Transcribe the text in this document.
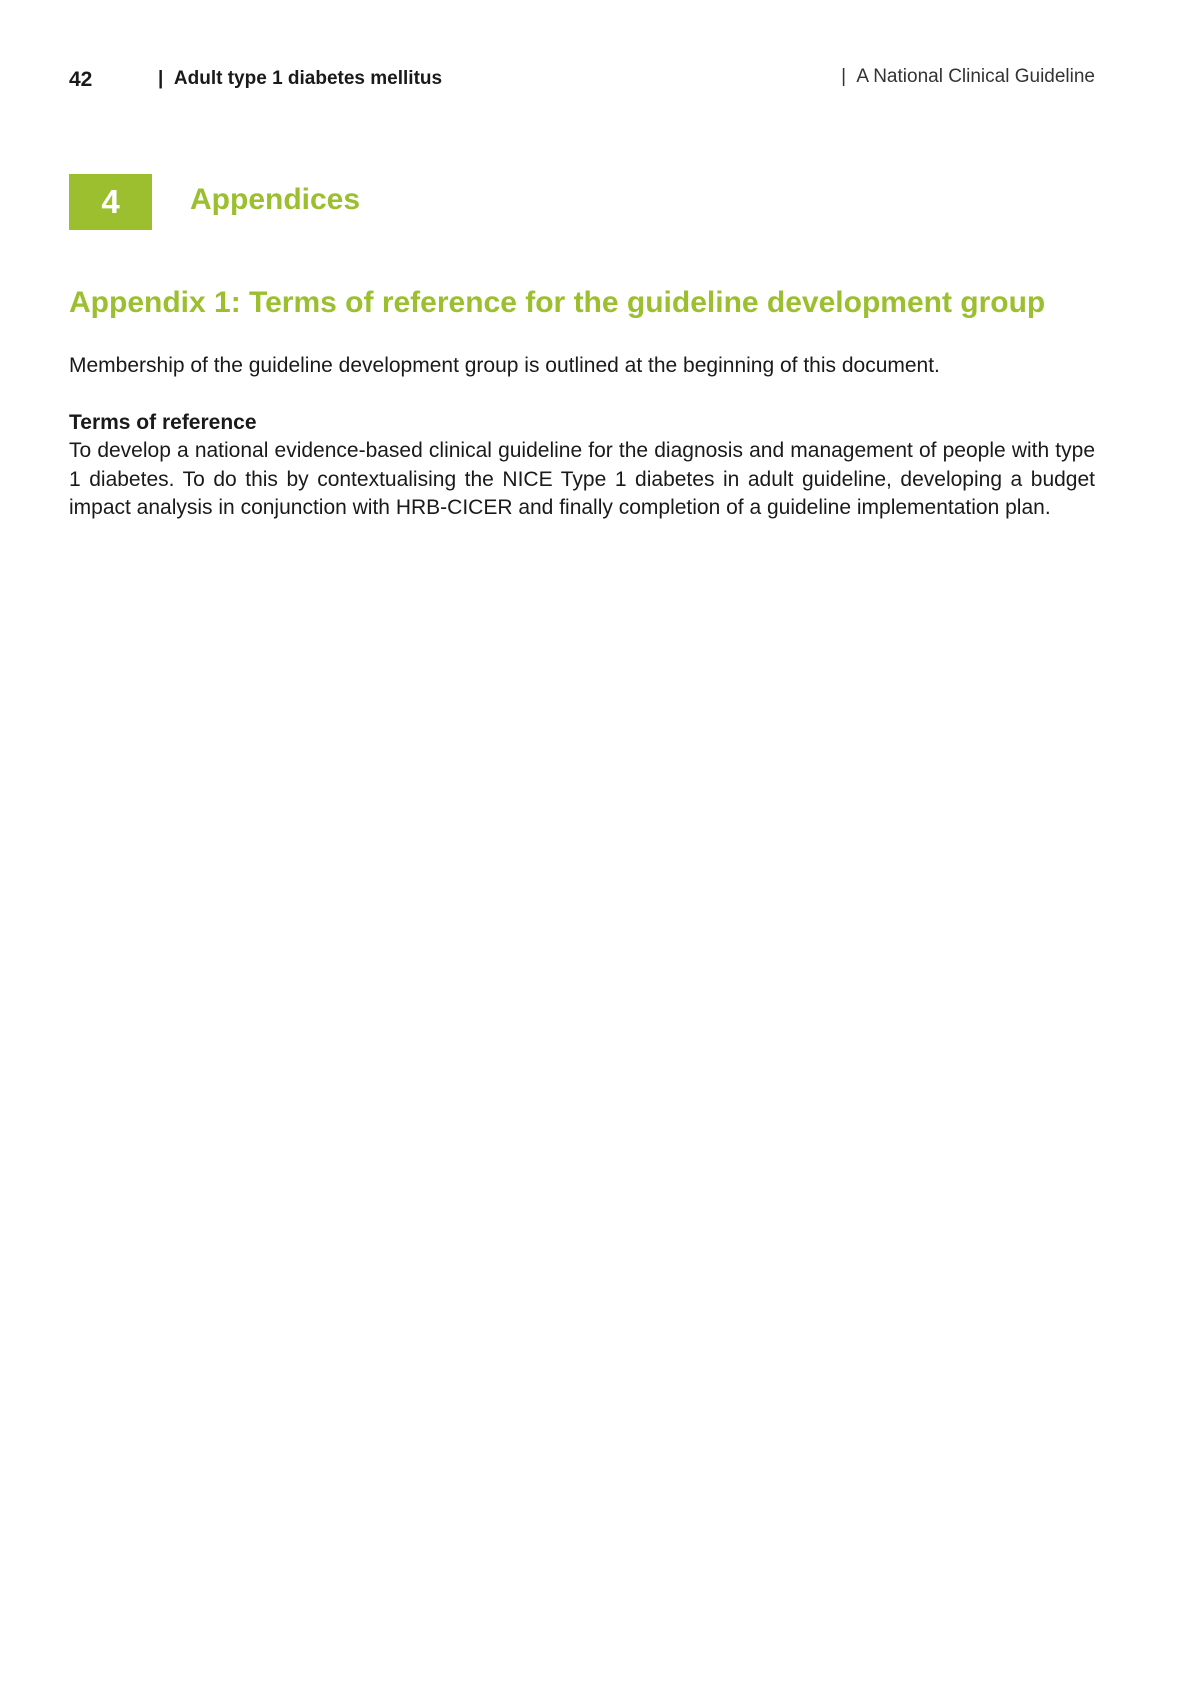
42	| Adult type 1 diabetes mellitus	| A National Clinical Guideline
4	Appendices
Appendix 1: Terms of reference for the guideline development group
Membership of the guideline development group is outlined at the beginning of this document.
Terms of reference
To develop a national evidence-based clinical guideline for the diagnosis and management of people with type 1 diabetes. To do this by contextualising the NICE Type 1 diabetes in adult guideline, developing a budget impact analysis in conjunction with HRB-CICER and finally completion of a guideline implementation plan.
